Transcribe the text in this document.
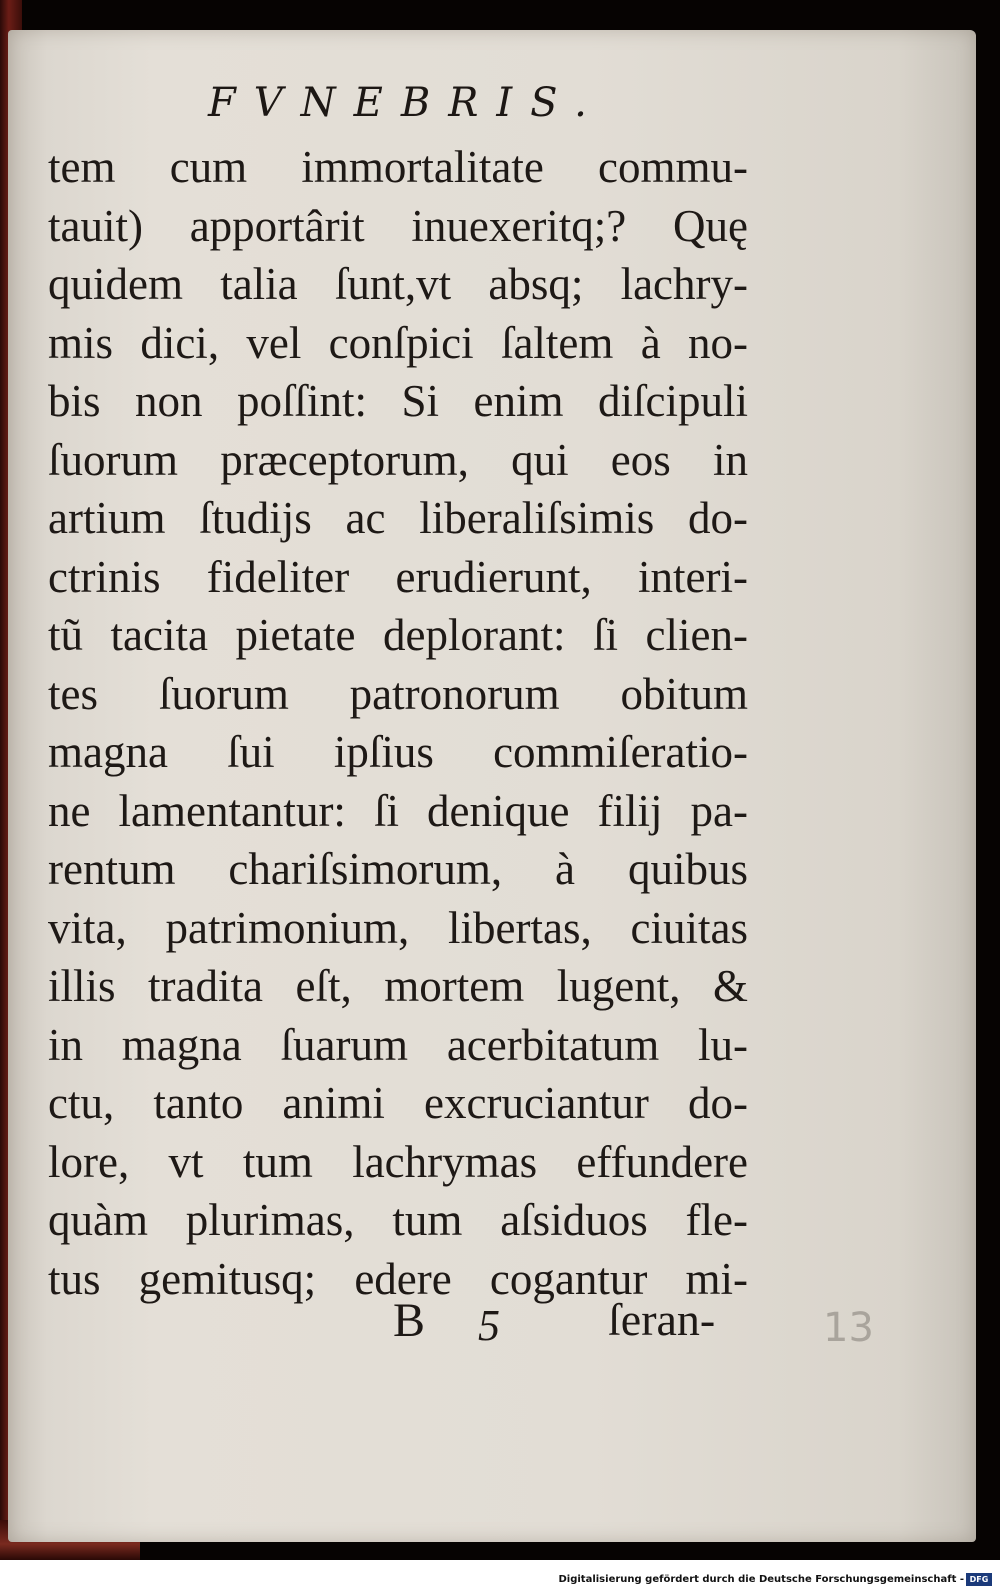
FVNEBRIS.
tem cum immortalitate commu-
tauit) apportârit inuexeritq;? Quę
quidem talia ſunt,vt absq; lachry-
mis dici, vel conſpici ſaltem à no-
bis non poſſint: Si enim diſcipuli
ſuorum præceptorum, qui eos in
artium ſtudijs ac liberaliſsimis do-
ctrinis fideliter erudierunt, interi-
tũ tacita pietate deplorant: ſi clien-
tes ſuorum patronorum obitum
magna ſui ipſius commiſeratio-
ne lamentantur: ſi denique filij pa-
rentum chariſsimorum, à quibus
vita, patrimonium, libertas, ciuitas
illis tradita eſt, mortem lugent, &
in magna ſuarum acerbitatum lu-
ctu, tanto animi excruciantur do-
lore, vt tum lachrymas effundere
quàm plurimas, tum aſsiduos fle-
tus gemitusq; edere cogantur mi-
B 5 ſeran-	13
Digitalisierung gefördert durch die Deutsche Forschungsgemeinschaft - DFG
